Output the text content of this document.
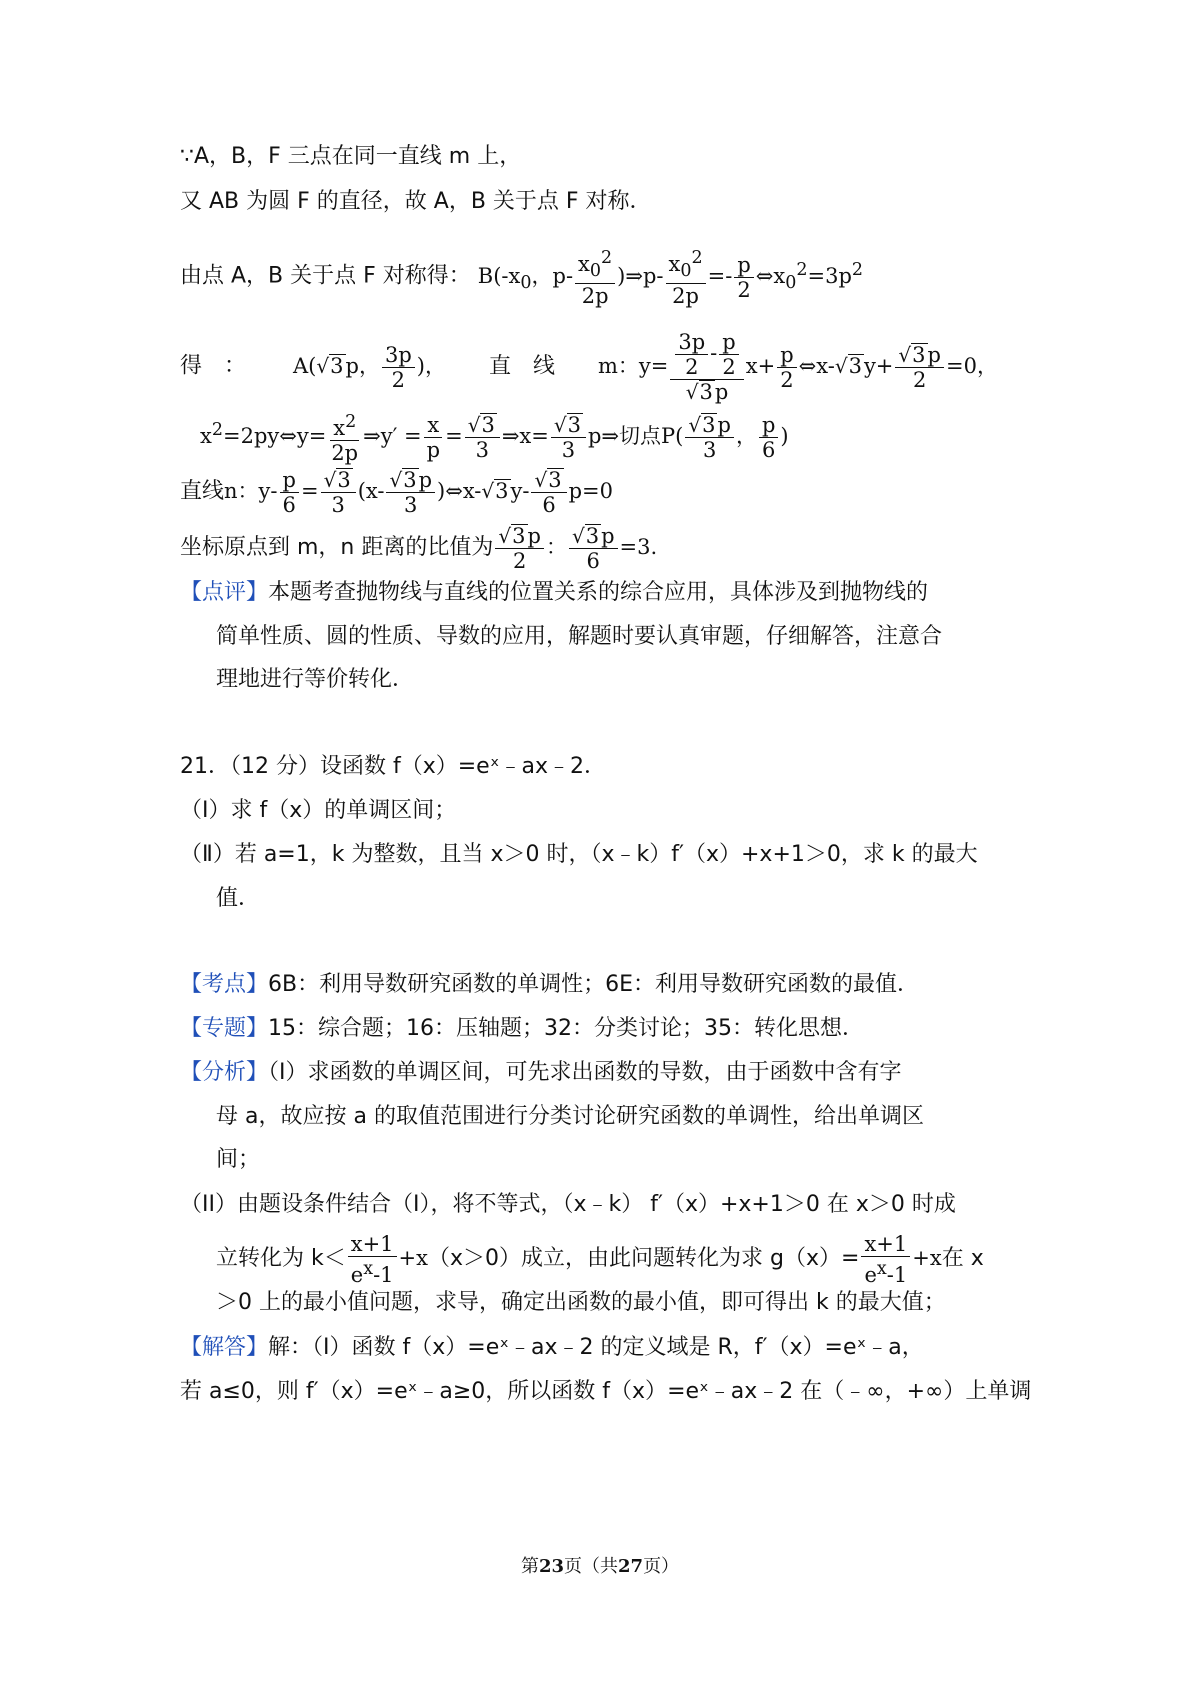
∵A，B，F 三点在同一直线 m 上，
又 AB 为圆 F 的直径，故 A，B 关于点 F 对称．
由点 A，B 关于点 F 对称得： $B(-x_0$，$p- \frac{x_0^2}{2p}$ )⇒p- $\frac{x_0^2}{2p} =- \frac{p}{2}$ $\Leftrightarrow x_0^2=3p^2$
得　： A(√3p， $\frac{3p}{2}$ )， 直　线 m：$y= \frac{\frac{3p}{2} - \frac{p}{2}}{√3p} x+ \frac{p}{2}$ ⇔x-√3y+ $\frac{√3p}{2} =0$，
$x^2=2py\Leftrightarrow y= \frac{x^2}{2p}$ ⇒y′ = $\frac{x}{p} = \frac{√3}{3}$ ⇒x= $\frac{√3}{3}$ p⇒切点$P( \frac{√3p}{3}$ ， $\frac{p}{6}$ )
直线n：$y- \frac{p}{6} = \frac{√3}{3} (x- \frac{√3p}{3}$ )⇔x-√3y- $\frac{√3}{6} p=0$
坐标原点到 m，n 距离的比值为 $\frac{√3p}{2}$ ： $\frac{√3p}{6} =3$.
【点评】本题考查抛物线与直线的位置关系的综合应用，具体涉及到抛物线的
简单性质、圆的性质、导数的应用，解题时要认真审题，仔细解答，注意合
理地进行等价转化．
21．（12 分）设函数 f（x）=eˣ﹣ax﹣2．
（Ⅰ）求 f（x）的单调区间；
（Ⅱ）若 a=1，k 为整数，且当 x＞0 时，（x﹣k）f′（x）+x+1＞0，求 k 的最大
值．
【考点】6B：利用导数研究函数的单调性；6E：利用导数研究函数的最值．
【专题】15：综合题；16：压轴题；32：分类讨论；35：转化思想．
【分析】（Ⅰ）求函数的单调区间，可先求出函数的导数，由于函数中含有字
母 a，故应按 a 的取值范围进行分类讨论研究函数的单调性，给出单调区
间；
（II）由题设条件结合（I），将不等式，（x﹣k） f′（x）+x+1＞0 在 x＞0 时成
立转化为 $k< \frac{x+1}{e^x-1} +x(x>0)$成立，由此问题转化为求 $g(x)= \frac{x+1}{e^x-1} +x$在 x
＞0 上的最小值问题，求导，确定出函数的最小值，即可得出 k 的最大值；
【解答】解：（I）函数 f（x）=eˣ﹣ax﹣2 的定义域是 R，f′（x）=eˣ﹣a，
若 a≤0，则 f′（x）=eˣ﹣a≥0，所以函数 f（x）=eˣ﹣ax﹣2 在（﹣∞，+∞）上单调
第23页（共27页）
